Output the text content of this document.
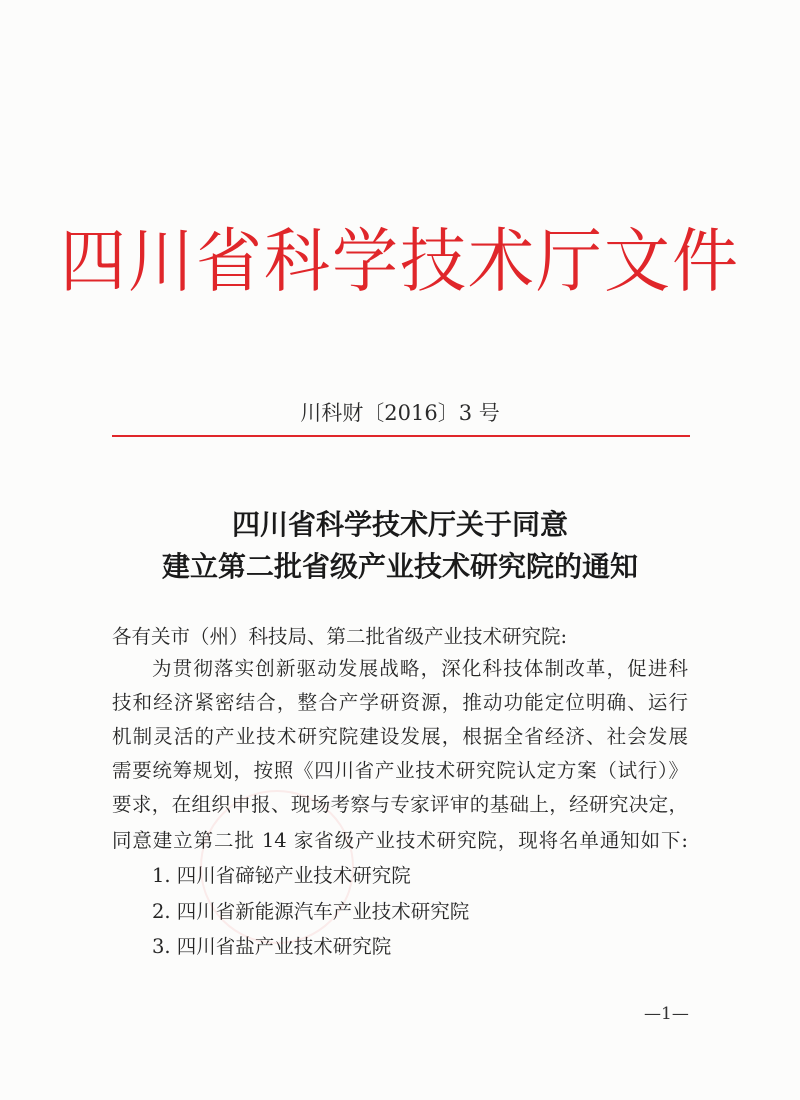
四川省科学技术厅文件
川科财〔2016〕3 号
四川省科学技术厅关于同意
建立第二批省级产业技术研究院的通知
各有关市（州）科技局、第二批省级产业技术研究院:
为贯彻落实创新驱动发展战略，深化科技体制改革，促进科
技和经济紧密结合，整合产学研资源，推动功能定位明确、运行
机制灵活的产业技术研究院建设发展，根据全省经济、社会发展
需要统筹规划，按照《四川省产业技术研究院认定方案（试行）》
要求，在组织申报、现场考察与专家评审的基础上，经研究决定，
同意建立第二批 14 家省级产业技术研究院，现将名单通知如下:
1. 四川省碲铋产业技术研究院
2. 四川省新能源汽车产业技术研究院
3. 四川省盐产业技术研究院
—1—
